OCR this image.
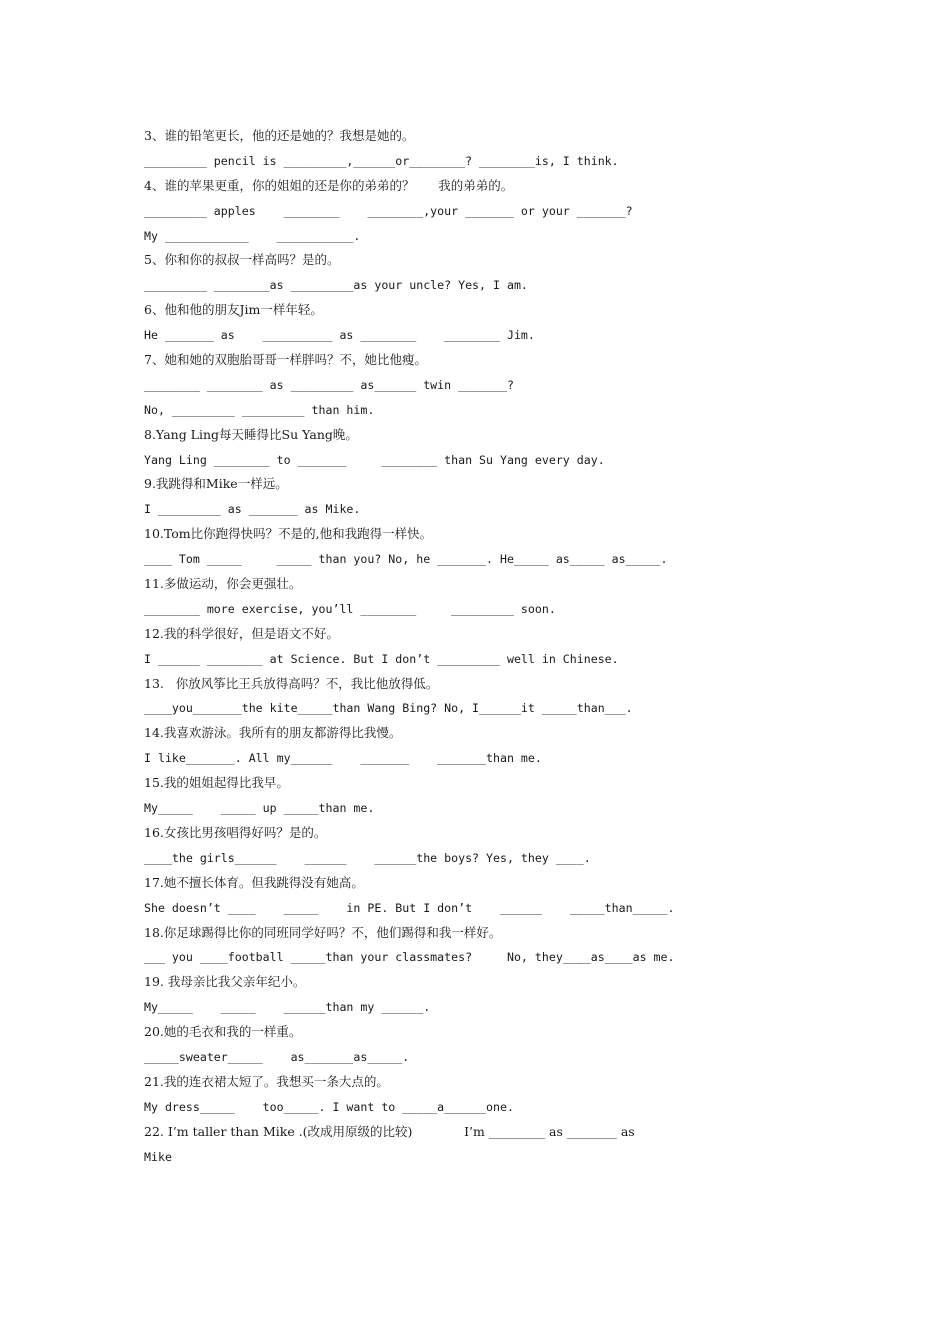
3、谁的铅笔更长，他的还是她的？我想是她的。
_________ pencil is _________,______or________? ________is, I think.
4、谁的苹果更重，你的姐姐的还是你的弟弟的？      我的弟弟的。
_________ apples    ________    ________,your _______ or your _______?
My ____________    ___________.
5、你和你的叔叔一样高吗？是的。
_________ ________as _________as your uncle? Yes, I am.
6、他和他的朋友Jim一样年轻。
He _______ as    __________ as ________    ________ Jim.
7、她和她的双胞胎哥哥一样胖吗？不，她比他瘦。
________ ________ as _________ as______ twin _______?
No, _________ _________ than him.
8.Yang Ling每天睡得比Su Yang晚。
Yang Ling ________ to _______     ________ than Su Yang every day.
9.我跳得和Mike一样远。
I _________ as _______ as Mike.
10.Tom比你跑得快吗？不是的,他和我跑得一样快。
____ Tom _____     _____ than you? No, he _______. He_____ as_____ as_____.
11.多做运动，你会更强壮。
________ more exercise, you’ll ________     _________ soon.
12.我的科学很好，但是语文不好。
I ______ ________ at Science. But I don’t _________ well in Chinese.
13.   你放风筝比王兵放得高吗？不，我比他放得低。
____you_______the kite_____than Wang Bing? No, I______it _____than___.
14.我喜欢游泳。我所有的朋友都游得比我慢。
I like_______. All my______    _______    _______than me.
15.我的姐姐起得比我早。
My_____    _____ up _____than me.
16.女孩比男孩唱得好吗？是的。
____the girls______    ______    ______the boys? Yes, they ____.
17.她不擅长体育。但我跳得没有她高。
She doesn’t ____    _____    in PE. But I don’t    ______    _____than_____.
18.你足球踢得比你的同班同学好吗？不，他们踢得和我一样好。
___ you ____football _____than your classmates?     No, they____as____as me.
19. 我母亲比我父亲年纪小。
My_____    _____    ______than my ______.
20.她的毛衣和我的一样重。
_____sweater_____    as_______as_____.
21.我的连衣裙太短了。我想买一条大点的。
My dress_____    too_____. I want to _____a______one.
22. I’m taller than Mike .(改成用原级的比较)             I’m _________ as ________ as
Mike
